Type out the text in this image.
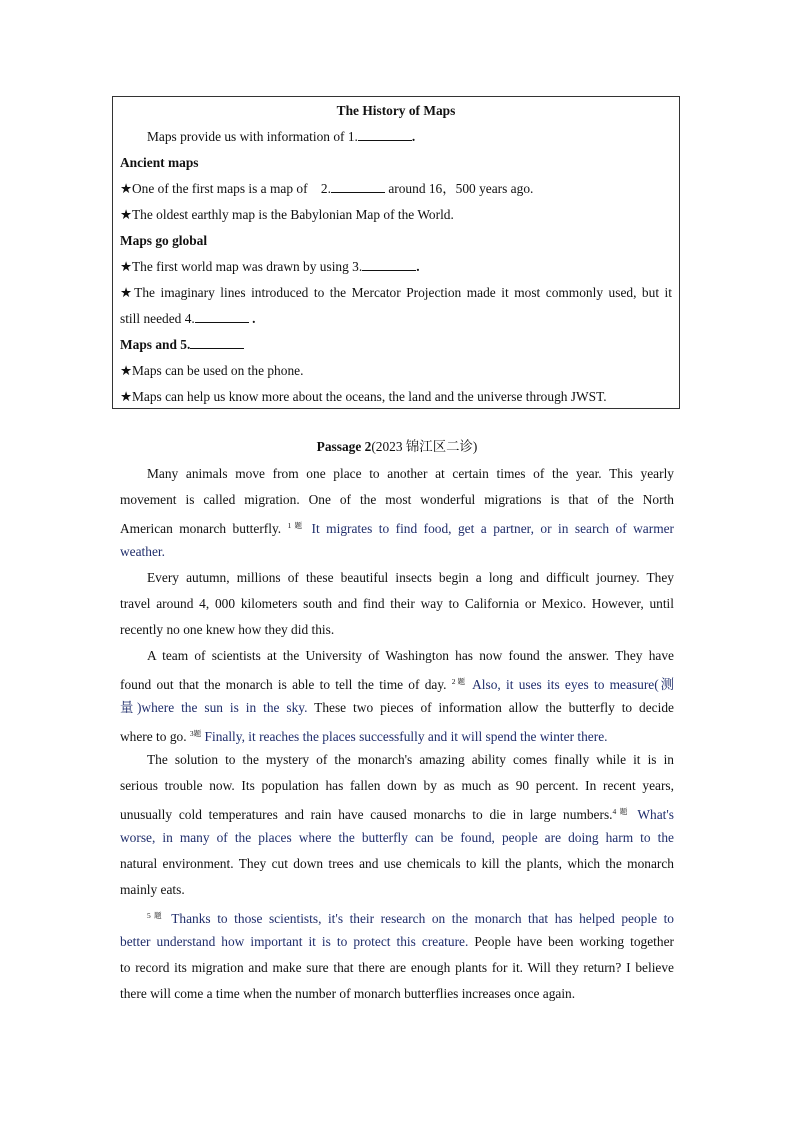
The History of Maps
Maps provide us with information of 1.	.
Ancient maps
★One of the first maps is a map of 2.	around 16，500 years ago.
★The oldest earthly map is the Babylonian Map of the World.
Maps go global
★The first world map was drawn by using 3.	.
★The imaginary lines introduced to the Mercator Projection made it most commonly used, but it
still needed 4.	.
Maps and 5.
★Maps can be used on the phone.
★Maps can help us know more about the oceans, the land and the universe through JWST.
Passage 2(2023 锦江区二诊)
Many animals move from one place to another at certain times of the year. This yearly
movement is called migration. One of the most wonderful migrations is that of the North
American monarch butterfly. $^{1题}$ It migrates to find food, get a partner, or in search of warmer
weather.
Every autumn, millions of these beautiful insects begin a long and difficult journey. They
travel around 4, 000 kilometers south and find their way to California or Mexico. However, until
recently no one knew how they did this.
A team of scientists at the University of Washington has now found the answer. They have
found out that the monarch is able to tell the time of day. $^{2题}$ Also, it uses its eyes to measure(测
量)where the sun is in the sky. These two pieces of information allow the butterfly to decide
where to go. $^{3题}$ Finally, it reaches the places successfully and it will spend the winter there.
The solution to the mystery of the monarch's amazing ability comes finally while it is in
serious trouble now. Its population has fallen down by as much as 90 percent. In recent years,
unusually cold temperatures and rain have caused monarchs to die in large numbers.$^{4题}$ What's
worse, in many of the places where the butterfly can be found, people are doing harm to the
natural environment. They cut down trees and use chemicals to kill the plants, which the monarch
mainly eats.
$^{5题}$ Thanks to those scientists, it's their research on the monarch that has helped people to
better understand how important it is to protect this creature. People have been working together
to record its migration and make sure that there are enough plants for it. Will they return? I believe
there will come a time when the number of monarch butterflies increases once again.
